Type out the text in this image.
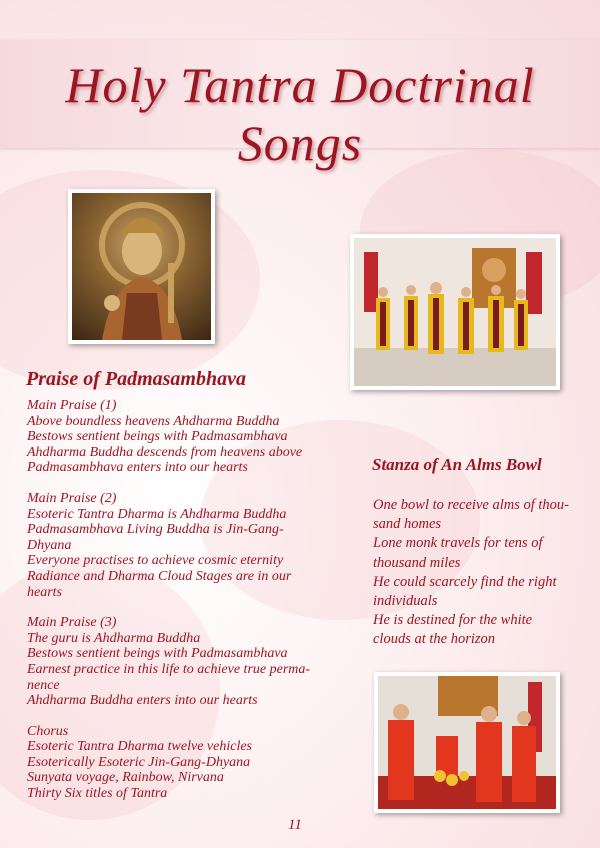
Holy Tantra Doctrinal Songs
Praise of Padmasambhava
Main Praise (1)
Above boundless heavens Ahdharma Buddha
Bestows sentient beings with Padmasambhava
Ahdharma Buddha descends from heavens above
Padmasambhava enters into our hearts
Main Praise (2)
Esoteric Tantra Dharma is Ahdharma Buddha
Padmasambhava Living Buddha is Jin-Gang-
Dhyana
Everyone practises to achieve cosmic eternity
Radiance and Dharma Cloud Stages are in our
hearts
Main Praise (3)
The guru is Ahdharma Buddha
Bestows sentient beings with Padmasambhava
Earnest practice in this life to achieve true perma-
nence
Ahdharma Buddha enters into our hearts
Chorus
Esoteric Tantra Dharma twelve vehicles
Esoterically Esoteric Jin-Gang-Dhyana
Sunyata voyage, Rainbow, Nirvana
Thirty Six titles of Tantra
Stanza of An Alms Bowl
One bowl to receive alms of thou-
sand homes
Lone monk travels for tens of
thousand miles
He could scarcely find the right
individuals
He is destined for the white
clouds at the horizon
11
